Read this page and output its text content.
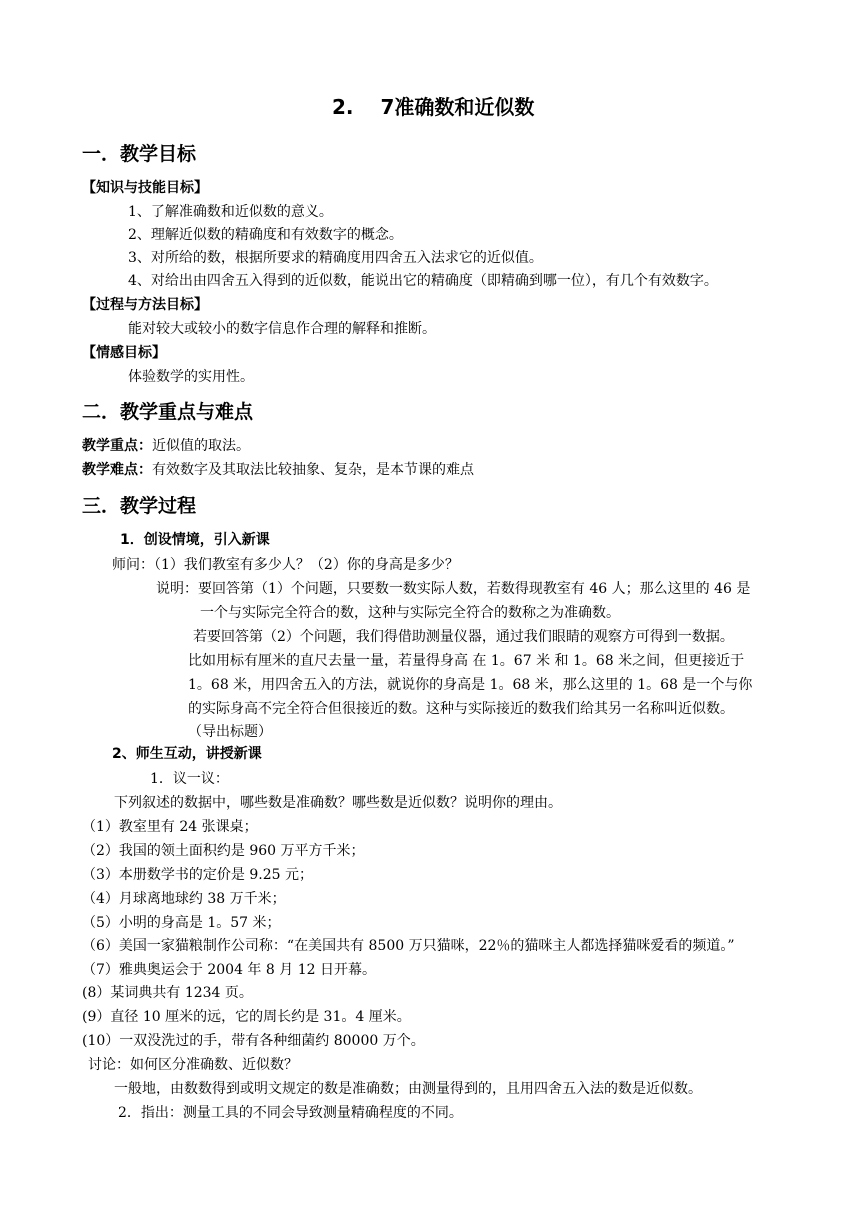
2.　 7准确数和近似数
一．教学目标
【知识与技能目标】
1、了解准确数和近似数的意义。
2、理解近似数的精确度和有效数字的概念。
3、对所给的数，根据所要求的精确度用四舍五入法求它的近似值。
4、对给出由四舍五入得到的近似数，能说出它的精确度（即精确到哪一位），有几个有效数字。
【过程与方法目标】
能对较大或较小的数字信息作合理的解释和推断。
【情感目标】
体验数学的实用性。
二．教学重点与难点
教学重点：近似值的取法。
教学难点：有效数字及其取法比较抽象、复杂，是本节课的难点
三．教学过程
1．创设情境，引入新课
师问：（1）我们教室有多少人？（2）你的身高是多少？
说明：要回答第（1）个问题，只要数一数实际人数，若数得现教室有 46 人；那么这里的 46 是
一个与实际完全符合的数，这种与实际完全符合的数称之为准确数。
若要回答第（2）个问题，我们得借助测量仪器，通过我们眼睛的观察方可得到一数据。
比如用标有厘米的直尺去量一量，若量得身高 在 1。67 米 和 1。68 米之间，但更接近于
1。68 米，用四舍五入的方法，就说你的身高是 1。68 米，那么这里的 1。68 是一个与你
的实际身高不完全符合但很接近的数。这种与实际接近的数我们给其另一名称叫近似数。
（导出标题）
2、师生互动，讲授新课
1．议一议：
下列叙述的数据中，哪些数是准确数？哪些数是近似数？说明你的理由。
（1）教室里有 24 张课桌；
（2）我国的领土面积约是 960 万平方千米；
（3）本册数学书的定价是 9.25 元；
（4）月球离地球约 38 万千米；
（5）小明的身高是 1。57 米；
（6）美国一家猫粮制作公司称：“在美国共有 8500 万只猫咪，22％的猫咪主人都选择猫咪爱看的频道。”
（7）雅典奥运会于 2004 年 8 月 12 日开幕。
(8）某词典共有 1234 页。
(9）直径 10 厘米的远，它的周长约是 31。4 厘米。
(10）一双没洗过的手，带有各种细菌约 80000 万个。
讨论：如何区分准确数、近似数？
一般地，由数数得到或明文规定的数是准确数；由测量得到的，且用四舍五入法的数是近似数。
2．指出：测量工具的不同会导致测量精确程度的不同。
